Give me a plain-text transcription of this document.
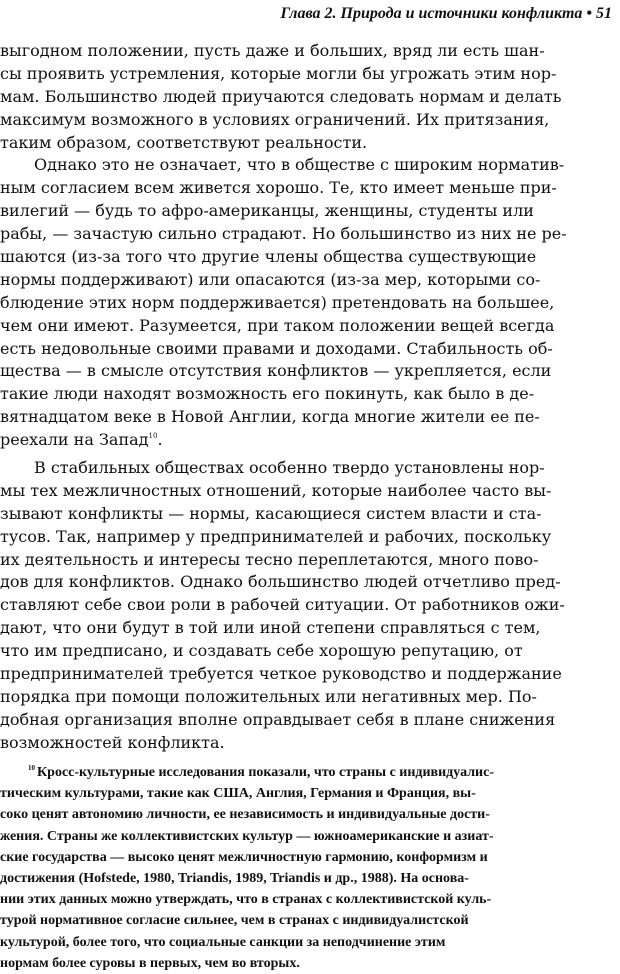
Глава 2. Природа и источники конфликта • 51
выгодном положении, пусть даже и больших, вряд ли есть шан-
сы проявить устремления, которые могли бы угрожать этим нор-
мам. Большинство людей приучаются следовать нормам и делать
максимум возможного в условиях ограничений. Их притязания,
таким образом, соответствуют реальности.
Однако это не означает, что в обществе с широким норматив-
ным согласием всем живется хорошо. Те, кто имеет меньше при-
вилегий — будь то афро-американцы, женщины, студенты или
рабы, — зачастую сильно страдают. Но большинство из них не ре-
шаются (из-за того что другие члены общества существующие
нормы поддерживают) или опасаются (из-за мер, которыми со-
блюдение этих норм поддерживается) претендовать на большее,
чем они имеют. Разумеется, при таком положении вещей всегда
есть недовольные своими правами и доходами. Стабильность об-
щества — в смысле отсутствия конфликтов — укрепляется, если
такие люди находят возможность его покинуть, как было в де-
вятнадцатом веке в Новой Англии, когда многие жители ее пе-
реехали на Запад$^{10}$.
В стабильных обществах особенно твердо установлены нор-
мы тех межличностных отношений, которые наиболее часто вы-
зывают конфликты — нормы, касающиеся систем власти и ста-
тусов. Так, например у предпринимателей и рабочих, поскольку
их деятельность и интересы тесно переплетаются, много пово-
дов для конфликтов. Однако большинство людей отчетливо пред-
ставляют себе свои роли в рабочей ситуации. От работников ожи-
дают, что они будут в той или иной степени справляться с тем,
что им предписано, и создавать себе хорошую репутацию, от
предпринимателей требуется четкое руководство и поддержание
порядка при помощи положительных или негативных мер. По-
добная организация вполне оправдывает себя в плане снижения
возможностей конфликта.
$^{10}$ Кросс-культурные исследования показали, что страны с индивидуалис-
тическим культурами, такие как США, Англия, Германия и Франция, вы-
соко ценят автономию личности, ее независимость и индивидуальные дости-
жения. Страны же коллективистских культур — южноамериканские и азиат-
ские государства — высоко ценят межличностную гармонию, конформизм и
достижения (Hofstede, 1980, Triandis, 1989, Triandis и др., 1988). На основа-
нии этих данных можно утверждать, что в странах с коллективистской куль-
турой нормативное согласие сильнее, чем в странах с индивидуалистской
культурой, более того, что социальные санкции за неподчинение этим
нормам более суровы в первых, чем во вторых.
